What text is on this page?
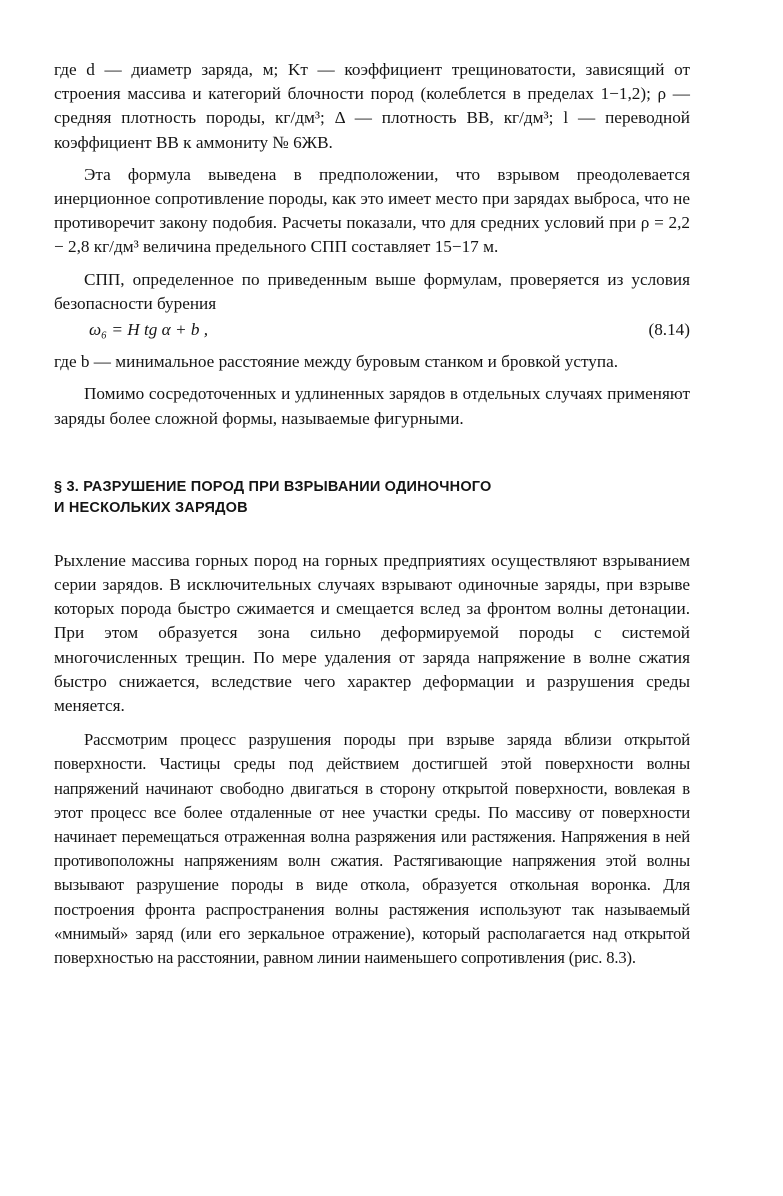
где d — диаметр заряда, м; Kт — коэффициент трещиноватости, зависящий от строения массива и категорий блочности пород (колеблется в пределах 1−1,2); ρ — средняя плотность породы, кг/дм³; Δ — плотность ВВ, кг/дм³; l — переводной коэффициент ВВ к аммониту № 6ЖВ.

Эта формула выведена в предположении, что взрывом преодолевается инерционное сопротивление породы, как это имеет место при зарядах выброса, что не противоречит закону подобия. Расчеты показали, что для средних условий при ρ = 2,2 − 2,8 кг/дм³ величина предельного СПП составляет 15−17 м.

СПП, определенное по приведенным выше формулам, проверяется из условия безопасности бурения

ω₆ = H tg α + b ,	(8.14)

где b — минимальное расстояние между буровым станком и бровкой уступа.

Помимо сосредоточенных и удлиненных зарядов в отдельных случаях применяют заряды более сложной формы, называемые фигурными.

§ 3. РАЗРУШЕНИЕ ПОРОД ПРИ ВЗРЫВАНИИ ОДИНОЧНОГО
И НЕСКОЛЬКИХ ЗАРЯДОВ

Рыхление массива горных пород на горных предприятиях осуществляют взрыванием серии зарядов. В исключительных случаях взрывают одиночные заряды, при взрыве которых порода быстро сжимается и смещается вслед за фронтом волны детонации. При этом образуется зона сильно деформируемой породы с системой многочисленных трещин. По мере удаления от заряда напряжение в волне сжатия быстро снижается, вследствие чего характер деформации и разрушения среды меняется.

Рассмотрим процесс разрушения породы при взрыве заряда вблизи открытой поверхности. Частицы среды под действием достигшей этой поверхности волны напряжений начинают свободно двигаться в сторону открытой поверхности, вовлекая в этот процесс все более отдаленные от нее участки среды. По массиву от поверхности начинает перемещаться отраженная волна разряжения или растяжения. Напряжения в ней противоположны напряжениям волн сжатия. Растягивающие напряжения этой волны вызывают разрушение породы в виде откола, образуется откольная воронка. Для построения фронта распространения волны растяжения используют так называемый «мнимый» заряд (или его зеркальное отражение), который располагается над открытой поверхностью на расстоянии, равном линии наименьшего сопротивления (рис. 8.3).
